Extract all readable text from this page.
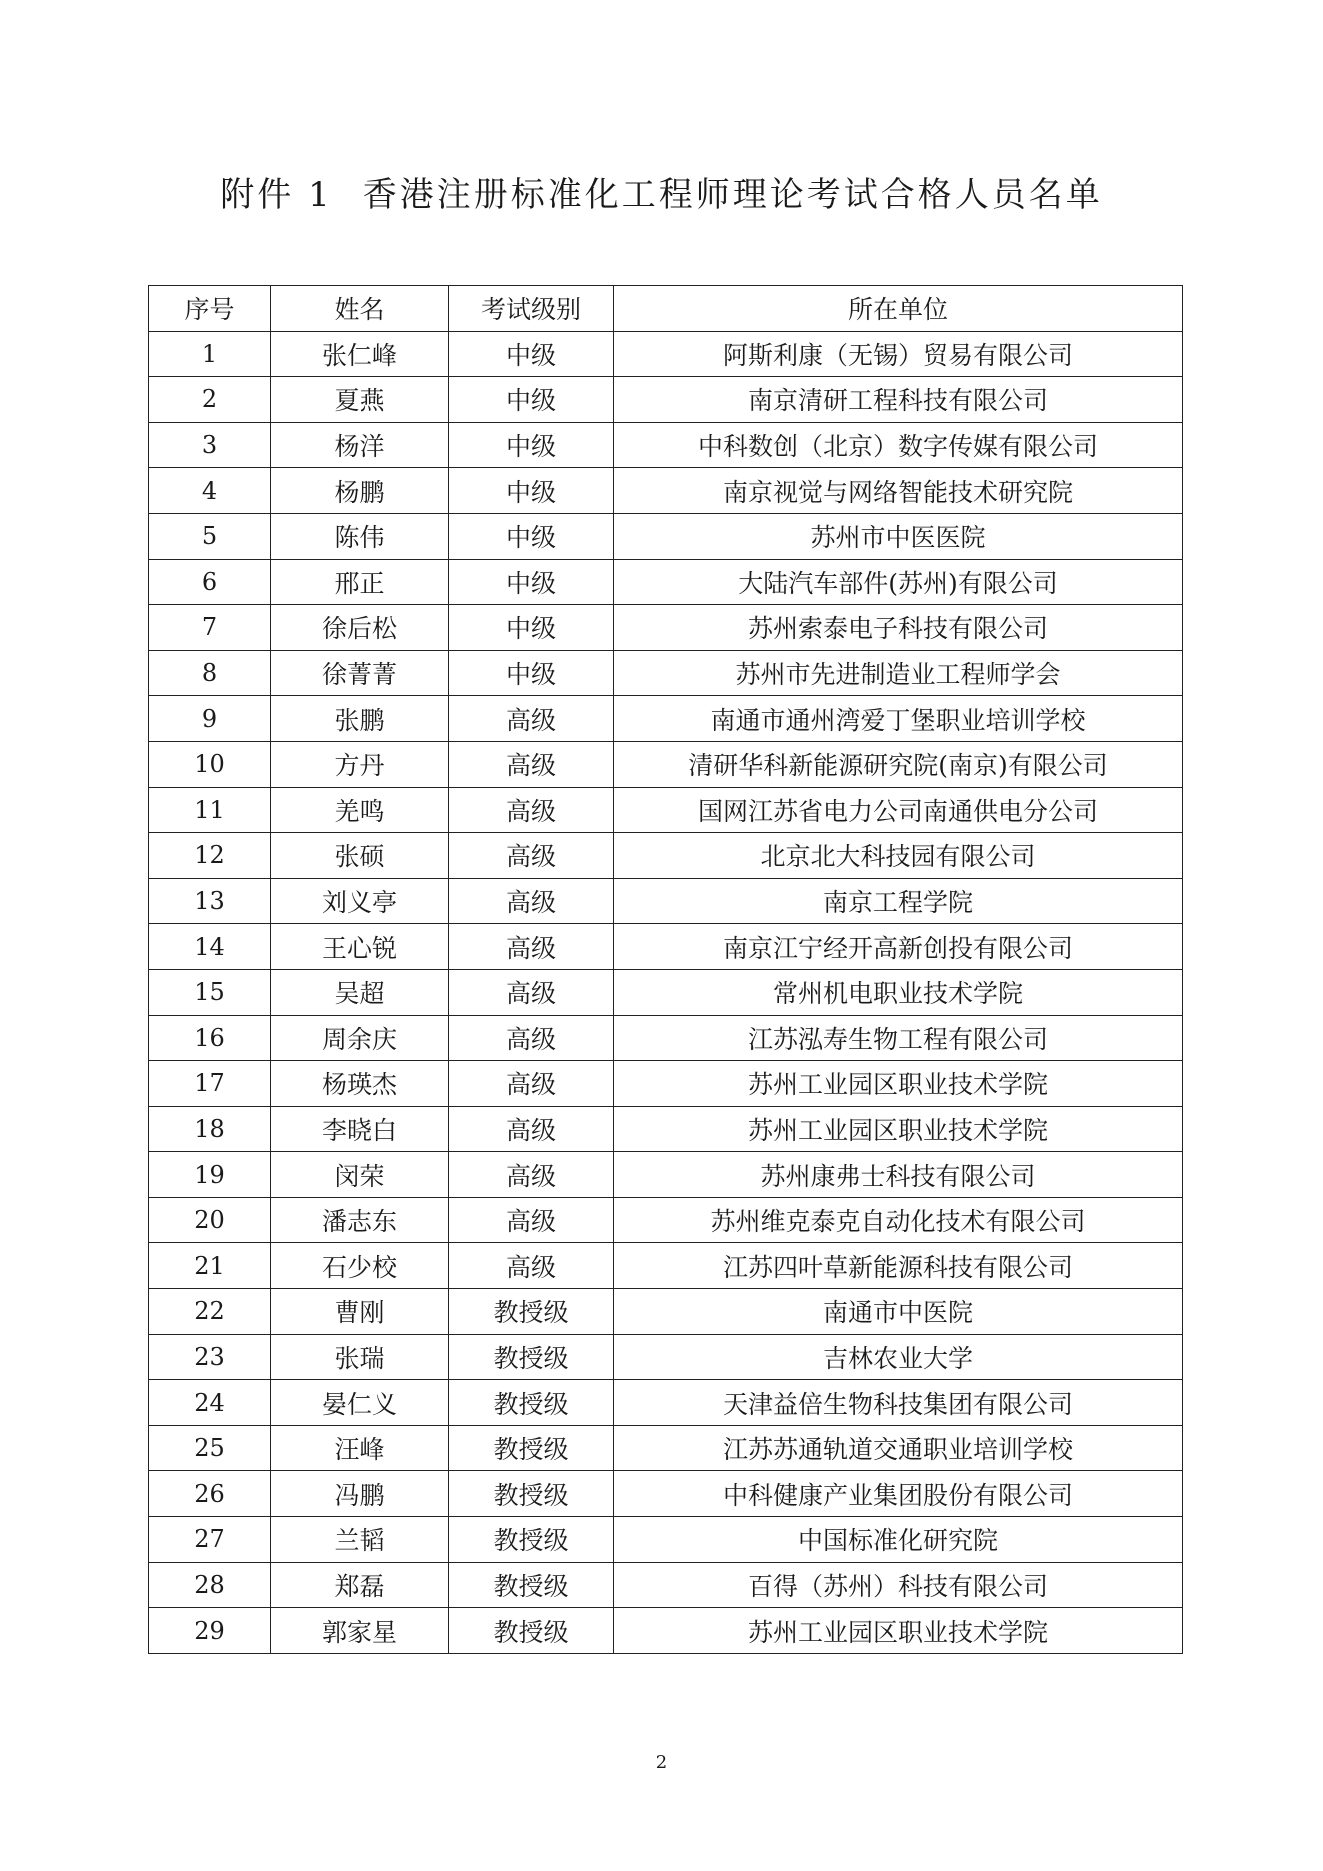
附件 1 香港注册标准化工程师理论考试合格人员名单
序号	姓名	考试级别	所在单位
1	张仁峰	中级	阿斯利康（无锡）贸易有限公司
2	夏燕	中级	南京清研工程科技有限公司
3	杨洋	中级	中科数创（北京）数字传媒有限公司
4	杨鹏	中级	南京视觉与网络智能技术研究院
5	陈伟	中级	苏州市中医医院
6	邢正	中级	大陆汽车部件(苏州)有限公司
7	徐后松	中级	苏州索泰电子科技有限公司
8	徐菁菁	中级	苏州市先进制造业工程师学会
9	张鹏	高级	南通市通州湾爱丁堡职业培训学校
10	方丹	高级	清研华科新能源研究院(南京)有限公司
11	羌鸣	高级	国网江苏省电力公司南通供电分公司
12	张硕	高级	北京北大科技园有限公司
13	刘义亭	高级	南京工程学院
14	王心锐	高级	南京江宁经开高新创投有限公司
15	吴超	高级	常州机电职业技术学院
16	周余庆	高级	江苏泓寿生物工程有限公司
17	杨瑛杰	高级	苏州工业园区职业技术学院
18	李晓白	高级	苏州工业园区职业技术学院
19	闵荣	高级	苏州康弗士科技有限公司
20	潘志东	高级	苏州维克泰克自动化技术有限公司
21	石少校	高级	江苏四叶草新能源科技有限公司
22	曹刚	教授级	南通市中医院
23	张瑞	教授级	吉林农业大学
24	晏仁义	教授级	天津益倍生物科技集团有限公司
25	汪峰	教授级	江苏苏通轨道交通职业培训学校
26	冯鹏	教授级	中科健康产业集团股份有限公司
27	兰韬	教授级	中国标准化研究院
28	郑磊	教授级	百得（苏州）科技有限公司
29	郭家星	教授级	苏州工业园区职业技术学院
2
